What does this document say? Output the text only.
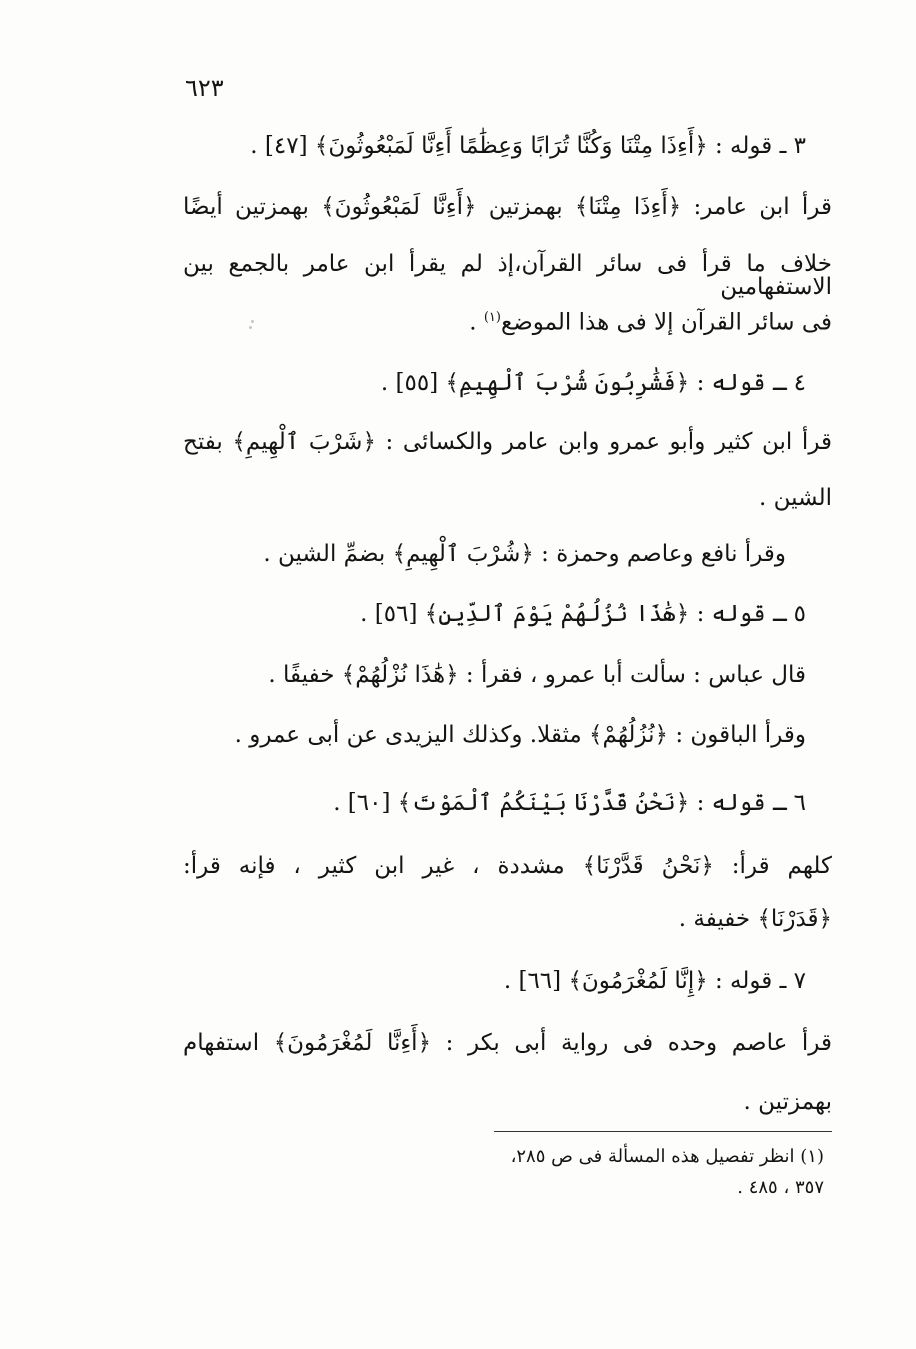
٦٢٣
٣ ـ قوله : ﴿أَءِذَا مِتْنَا وَكُنَّا تُرَابًا وَعِظَٰمًا أَءِنَّا لَمَبْعُوثُونَ﴾ [٤٧] .
قرأ ابن عامر: ﴿أَءِذَا مِتْنَا﴾ بهمزتين ﴿أَءِنَّا لَمَبْعُوثُونَ﴾ بهمزتين أيضًا
خلاف ما قرأ فى سائر القرآن،إذ لم يقرأ ابن عامر بالجمع بين الاستفهامين
فى سائر القرآن إلا فى هذا الموضع$^{(١)}$ .
٤ ـ قوله : ﴿فَشَٰرِبُونَ شُرْبَ ٱلْهِيمِ﴾ [٥٥] .
قرأ ابن كثير وأبو عمرو وابن عامر والكسائى : ﴿شَرْبَ ٱلْهِيمِ﴾ بفتح
الشين .
وقرأ نافع وعاصم وحمزة : ﴿شُرْبَ ٱلْهِيمِ﴾ بضمِّ الشين .
٥ ـ قوله : ﴿هَٰذَا نُزُلُهُمْ يَوْمَ ٱلدِّينِ﴾ [٥٦] .
قال عباس : سألت أبا عمرو ، فقرأ : ﴿هَٰذَا نُزْلُهُمْ﴾ خفيفًا .
وقرأ الباقون : ﴿نُزُلُهُمْ﴾ مثقلا. وكذلك اليزيدى عن أبى عمرو .
٦ ـ قوله : ﴿نَحْنُ قَدَّرْنَا بَيْنَكُمُ ٱلْمَوْتَ﴾ [٦٠] .
كلهم قرأ: ﴿نَحْنُ قَدَّرْنَا﴾ مشددة ، غير ابن كثير ، فإنه قرأ:
﴿قَدَرْنَا﴾ خفيفة .
٧ ـ قوله : ﴿إِنَّا لَمُغْرَمُونَ﴾ [٦٦] .
قرأ عاصم وحده فى رواية أبى بكر : ﴿أَءِنَّا لَمُغْرَمُونَ﴾ استفهام
بهمزتين .
(١) انظر تفصيل هذه المسألة فى ص ٢٨٥،
٣٥٧ ، ٤٨٥ .
